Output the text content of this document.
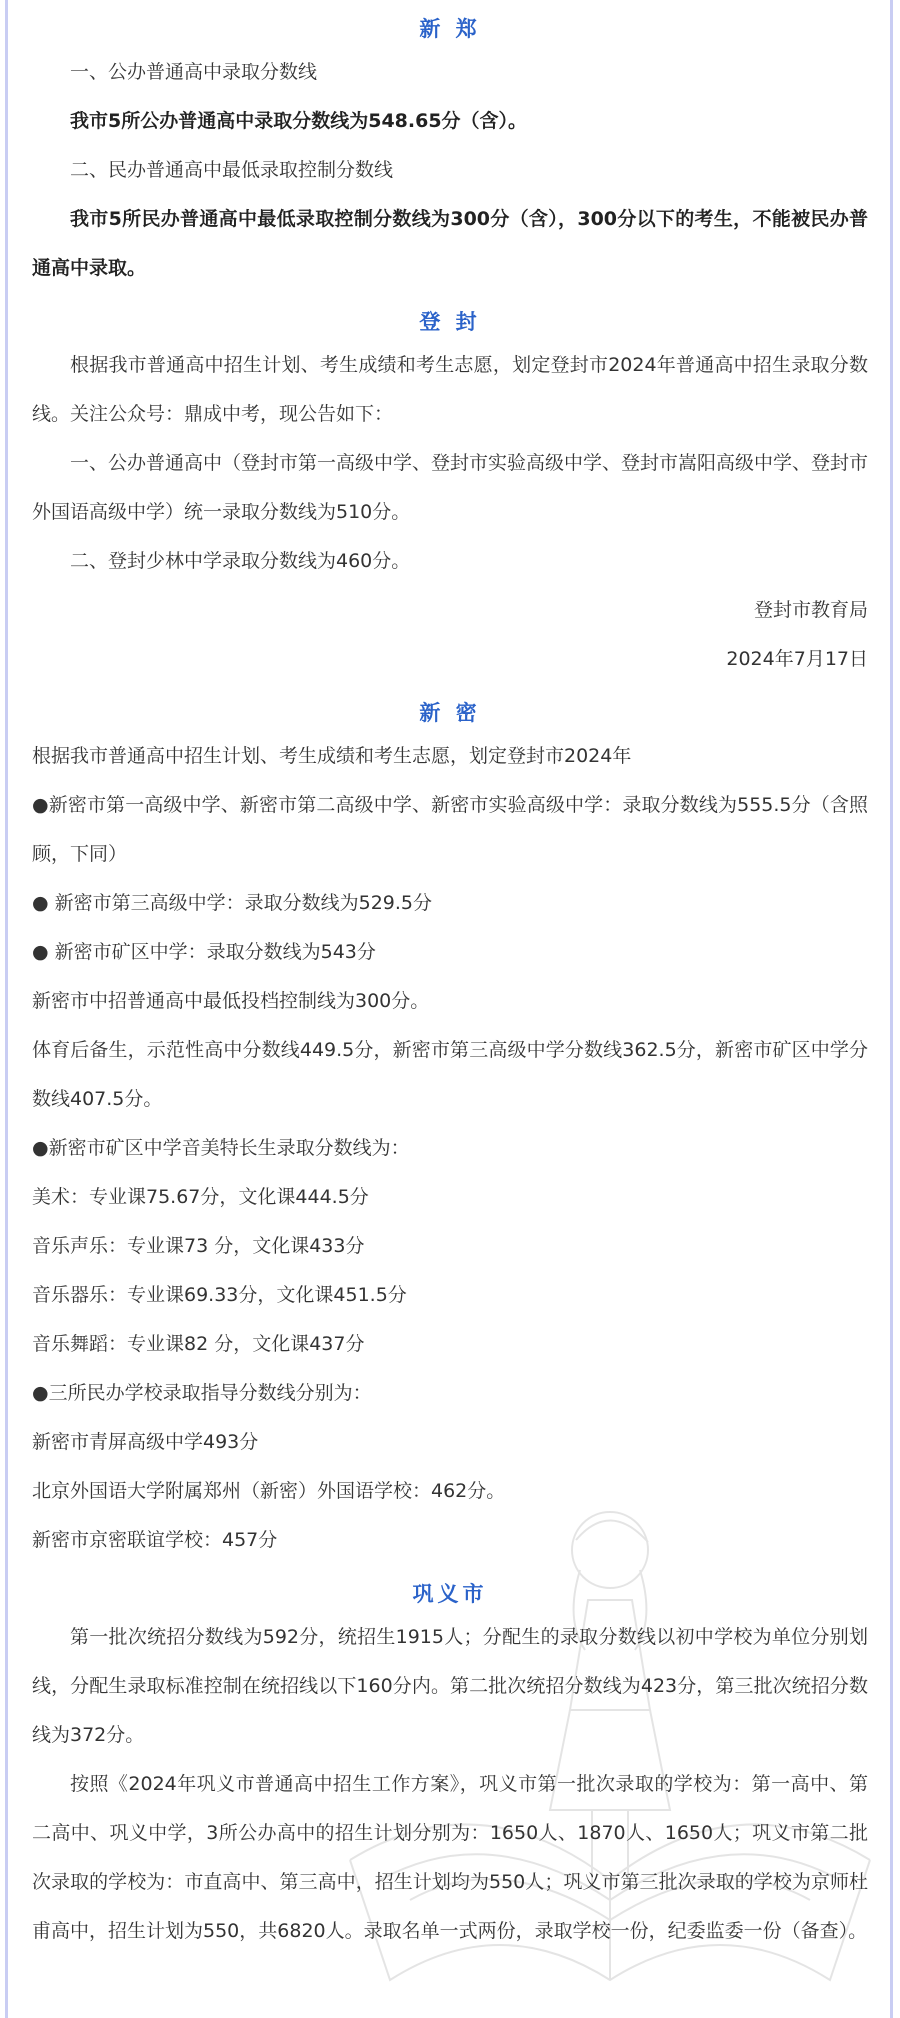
新 郑

一、公办普通高中录取分数线

我市5所公办普通高中录取分数线为548.65分（含）。

二、民办普通高中最低录取控制分数线

我市5所民办普通高中最低录取控制分数线为300分（含），300分以下的考生，不能被民办普通高中录取。

登 封

根据我市普通高中招生计划、考生成绩和考生志愿，划定登封市2024年普通高中招生录取分数线。关注公众号：鼎成中考，现公告如下：

一、公办普通高中（登封市第一高级中学、登封市实验高级中学、登封市嵩阳高级中学、登封市外国语高级中学）统一录取分数线为510分。

二、登封少林中学录取分数线为460分。

登封市教育局

2024年7月17日

新 密

根据我市普通高中招生计划、考生成绩和考生志愿，划定登封市2024年

●新密市第一高级中学、新密市第二高级中学、新密市实验高级中学：录取分数线为555.5分（含照顾，下同）

● 新密市第三高级中学：录取分数线为529.5分

● 新密市矿区中学：录取分数线为543分

新密市中招普通高中最低投档控制线为300分。

体育后备生，示范性高中分数线449.5分，新密市第三高级中学分数线362.5分，新密市矿区中学分数线407.5分。

●新密市矿区中学音美特长生录取分数线为：

美术：专业课75.67分，文化课444.5分

音乐声乐：专业课73 分，文化课433分

音乐器乐：专业课69.33分，文化课451.5分

音乐舞蹈：专业课82 分，文化课437分

●三所民办学校录取指导分数线分别为：

新密市青屏高级中学493分

北京外国语大学附属郑州（新密）外国语学校：462分。

新密市京密联谊学校：457分

巩义市

第一批次统招分数线为592分，统招生1915人；分配生的录取分数线以初中学校为单位分别划线，分配生录取标准控制在统招线以下160分内。第二批次统招分数线为423分，第三批次统招分数线为372分。

按照《2024年巩义市普通高中招生工作方案》，巩义市第一批次录取的学校为：第一高中、第二高中、巩义中学，3所公办高中的招生计划分别为：1650人、1870人、1650人；巩义市第二批次录取的学校为：市直高中、第三高中，招生计划均为550人；巩义市第三批次录取的学校为京师杜甫高中，招生计划为550，共6820人。录取名单一式两份，录取学校一份，纪委监委一份（备查）。
